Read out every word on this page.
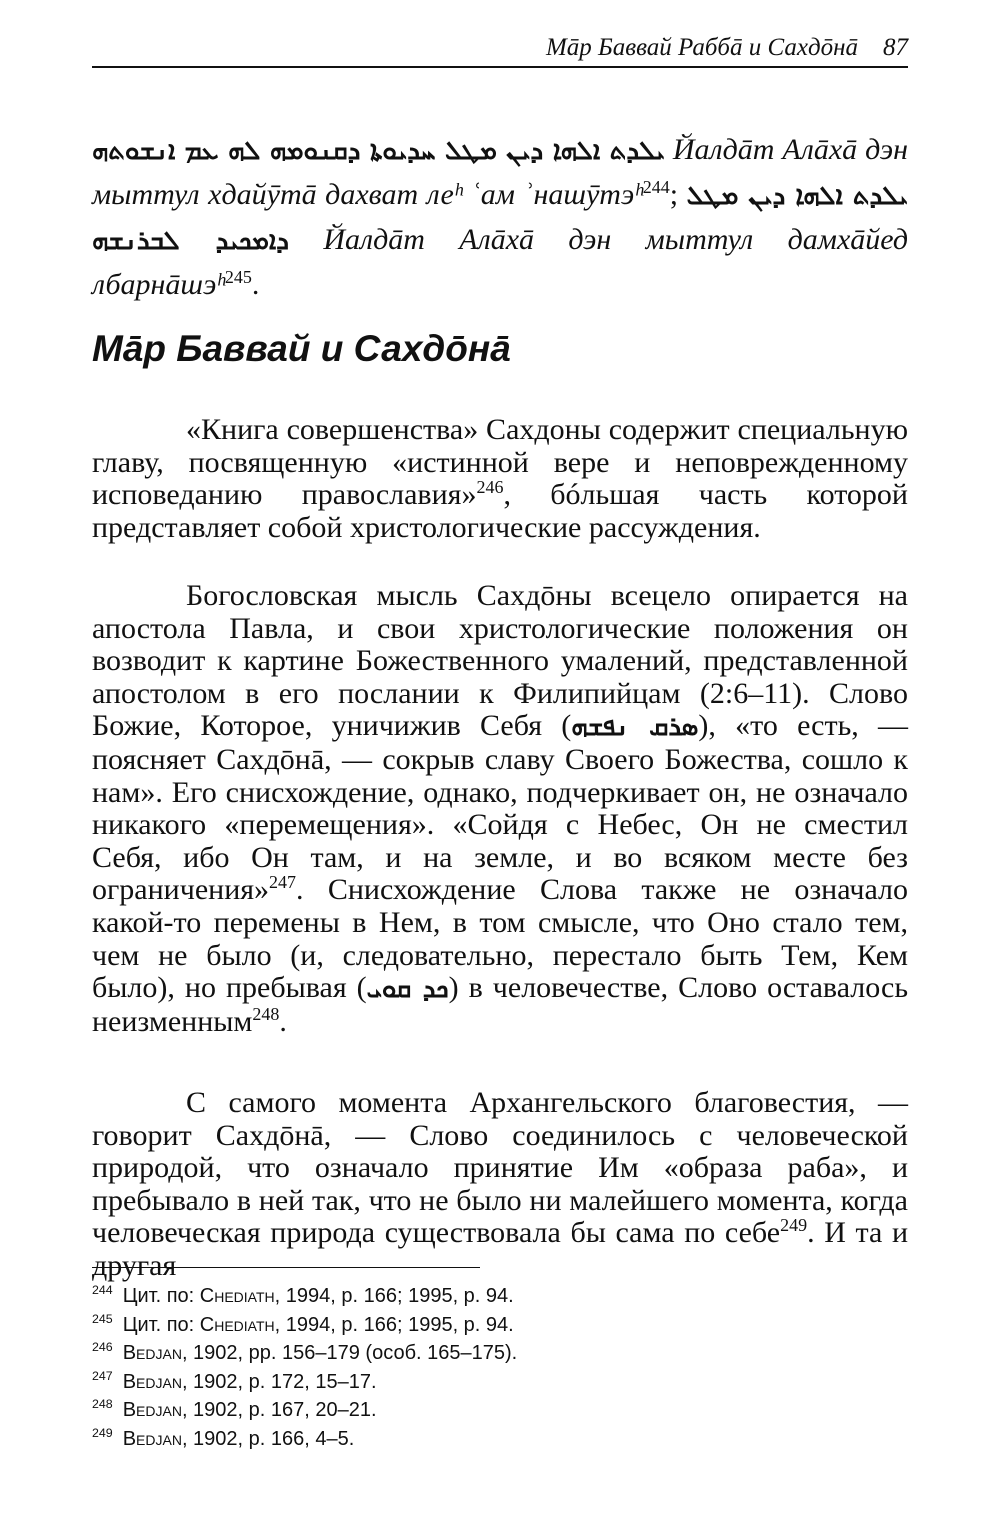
Мāр Баввай Раббā и Сахдōнā 87
ܝܠܕܬ ܐܠܗܐ ܕܝܢ ܡܛܠ ܚܕܝܘܬܐ ܕܩܢܘܡܗ ܠܗ ܥܡ ܐܢܫܘܬܗ Йалдāт Алāхā дэн мыттул хдайӯтā дахват леʰ ʿам ʾнашӯтэʰ$^{244}$; ܝܠܕܬ ܐܠܗܐ ܕܝܢ ܡܛܠ ܕܐܡܟܝܕ ܠܒܪܢܫܗ Йалдāт Алāхā дэн мыттул дамхāйед лбарнāшэʰ$^{245}$.
Мāр Баввай и Сахдōнā

«Книга совершенства» Сахдоны содержит специальную главу, посвященную «истинной вере и неповрежденному исповеданию православия»$^{246}$, бóльшая часть которой представляет собой христологические рассуждения.

Богословская мысль Сахдōны всецело опирается на апостола Павла, и свои христологические положения он возводит к картине Божественного умалений, представленной апостолом в его послании к Филипийцам (2:6–11). Слово Божие, Которое, уничижив Себя (ܣܪܩ ܢܦܫܗ), «то есть, — поясняет Сахдōнā, — сокрыв славу Своего Божества, сошло к нам». Его снисхождение, однако, подчеркивает он, не означало никакого «перемещения». «Сойдя с Небес, Он не сместил Себя, ибо Он там, и на земле, и во всяком месте без ограничения»$^{247}$. Снисхождение Слова также не означало какой-то перемены в Нем, в том смысле, что Оно стало тем, чем не было (и, следовательно, перестало быть Тем, Кем было), но пребывая (ܟܕ ܩܘܝ) в человечестве, Слово оставалось неизменным$^{248}$.

С самого момента Архангельского благовестия, — говорит Сахдōнā, — Слово соединилось с человеческой природой, что означало принятие Им «образа раба», и пребывало в ней так, что не было ни малейшего момента, когда человеческая природа существовала бы сама по себе$^{249}$. И та и другая

$^{244}$ Цит. по: Chediath, 1994, p. 166; 1995, p. 94.
$^{245}$ Цит. по: Chediath, 1994, p. 166; 1995, p. 94.
$^{246}$ Bedjan, 1902, pp. 156–179 (особ. 165–175).
$^{247}$ Bedjan, 1902, p. 172, 15–17.
$^{248}$ Bedjan, 1902, p. 167, 20–21.
$^{249}$ Bedjan, 1902, p. 166, 4–5.
